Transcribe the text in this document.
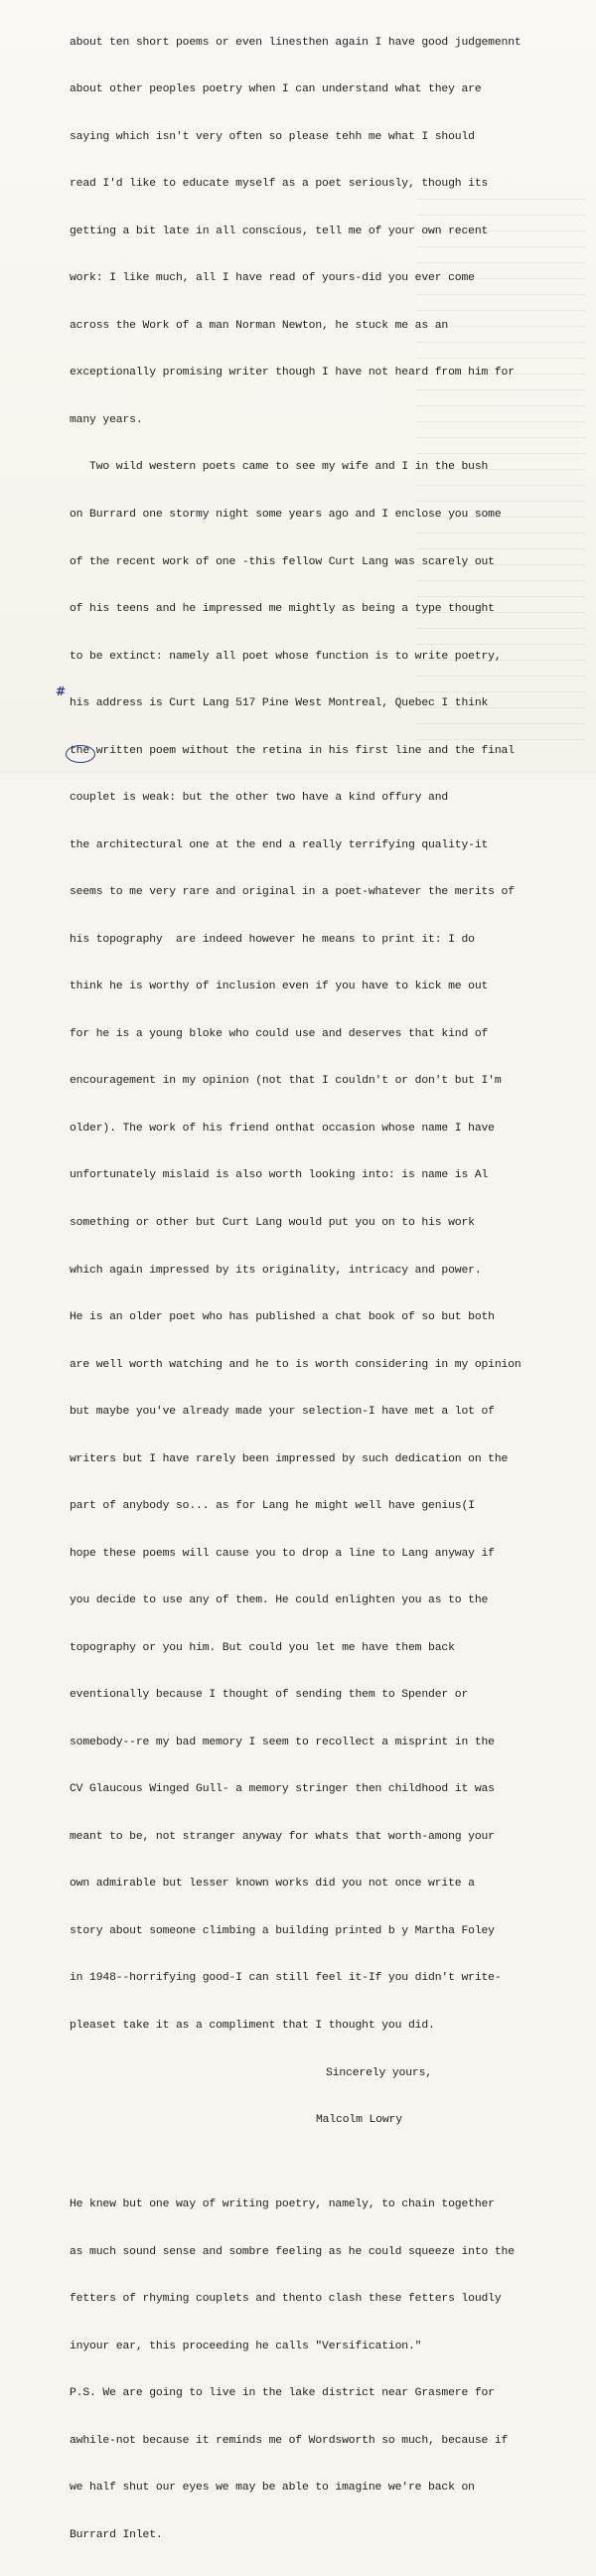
about ten short poems or even linesthen again I have good judgemennt

about other peoples poetry when I can understand what they are

saying which isn't very often so please tehh me what I should

read I'd like to educate myself as a poet seriously, though its

getting a bit late in all conscious, tell me of your own recent

work: I like much, all I have read of yours-did you ever come

across the Work of a man Norman Newton, he stuck me as an

exceptionally promising writer though I have not heard from him for

many years.

Two wild western poets came to see my wife and I in the bush

on Burrard one stormy night some years ago and I enclose you some

of the recent work of one -this fellow Curt Lang was scarely out

of his teens and he impressed me mightly as being a type thought

to be extinct: namely all poet whose function is to write poetry,

his address is Curt Lang 517 Pine West Montreal, Quebec I think

the written poem without the retina in his first line and the final

couplet is weak: but the other two have a kind offury and

the architectural one at the end a really terrifying quality-it

seems to me very rare and original in a poet-whatever the merits of

his topography  are indeed however he means to print it: I do

think he is worthy of inclusion even if you have to kick me out

for he is a young bloke who could use and deserves that kind of

encouragement in my opinion (not that I couldn't or don't but I'm

older). The work of his friend onthat occasion whose name I have

unfortunately mislaid is also worth looking into: is name is Al

something or other but Curt Lang would put you on to his work

which again impressed by its originality, intricacy and power.

He is an older poet who has published a chat book of so but both

are well worth watching and he to is worth considering in my opinion

but maybe you've already made your selection-I have met a lot of

writers but I have rarely been impressed by such dedication on the

part of anybody so... as for Lang he might well have genius(I

hope these poems will cause you to drop a line to Lang anyway if

you decide to use any of them. He could enlighten you as to the

topography or you him. But could you let me have them back

eventionally because I thought of sending them to Spender or

somebody--re my bad memory I seem to recollect a misprint in the

CV Glaucous Winged Gull- a memory stringer then childhood it was

meant to be, not stranger anyway for whats that worth-among your

own admirable but lesser known works did you not once write a

story about someone climbing a building printed b y Martha Foley

in 1948--horrifying good-I can still feel it-If you didn't write-

pleaset take it as a compliment that I thought you did.

Sincerely yours,

Malcolm Lowry

He knew but one way of writing poetry, namely, to chain together

as much sound sense and sombre feeling as he could squeeze into the

fetters of rhyming couplets and thento clash these fetters loudly

inyour ear, this proceeding he calls "Versification."

P.S. We are going to live in the lake district near Grasmere for

awhile-not because it reminds me of Wordsworth so much, because if

we half shut our eyes we may be able to imagine we're back on

Burrard Inlet.

#
